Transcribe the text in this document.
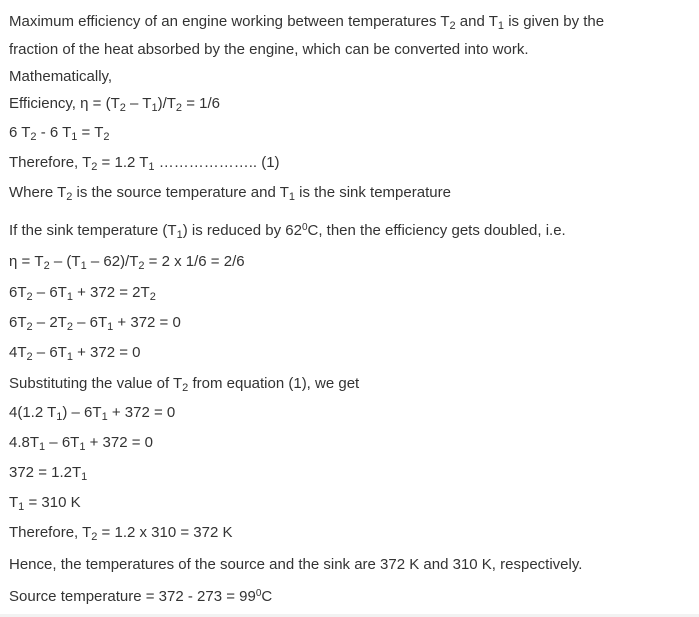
Maximum efficiency of an engine working between temperatures $T_2$ and $T_1$ is given by the
fraction of the heat absorbed by the engine, which can be converted into work.
Mathematically,
Efficiency, $\eta = (T_2 - T_1)/T_2 = 1/6$
6 $T_2 - 6$ $T_1 = T_2$
Therefore, $T_2 = 1.2$ $T_1$ ……………….. (1)
Where $T_2$ is the source temperature and $T_1$ is the sink temperature
If the sink temperature $(T_1)$ is reduced by $62^0C$, then the efficiency gets doubled, i.e.
$\eta = T_2 - (T_1 - 62)/T_2 = 2$ x 1/6 = 2/6
$6T_2 - 6T_1 + 372 = 2T_2$
$6T_2 - 2T_2 - 6T_1 + 372 = 0$
$4T_2 - 6T_1 + 372 = 0$
Substituting the value of $T_2$ from equation (1), we get
4(1.2 $T_1) - 6T_1 + 372 = 0$
$4.8T_1 - 6T_1 + 372 = 0$
$372 = 1.2T_1$
$T_1 = 310$ K
Therefore, $T_2 = 1.2$ x 310 = 372 K
Hence, the temperatures of the source and the sink are 372 K and 310 K, respectively.
Source temperature = $372 - 273 = 99^0C$
